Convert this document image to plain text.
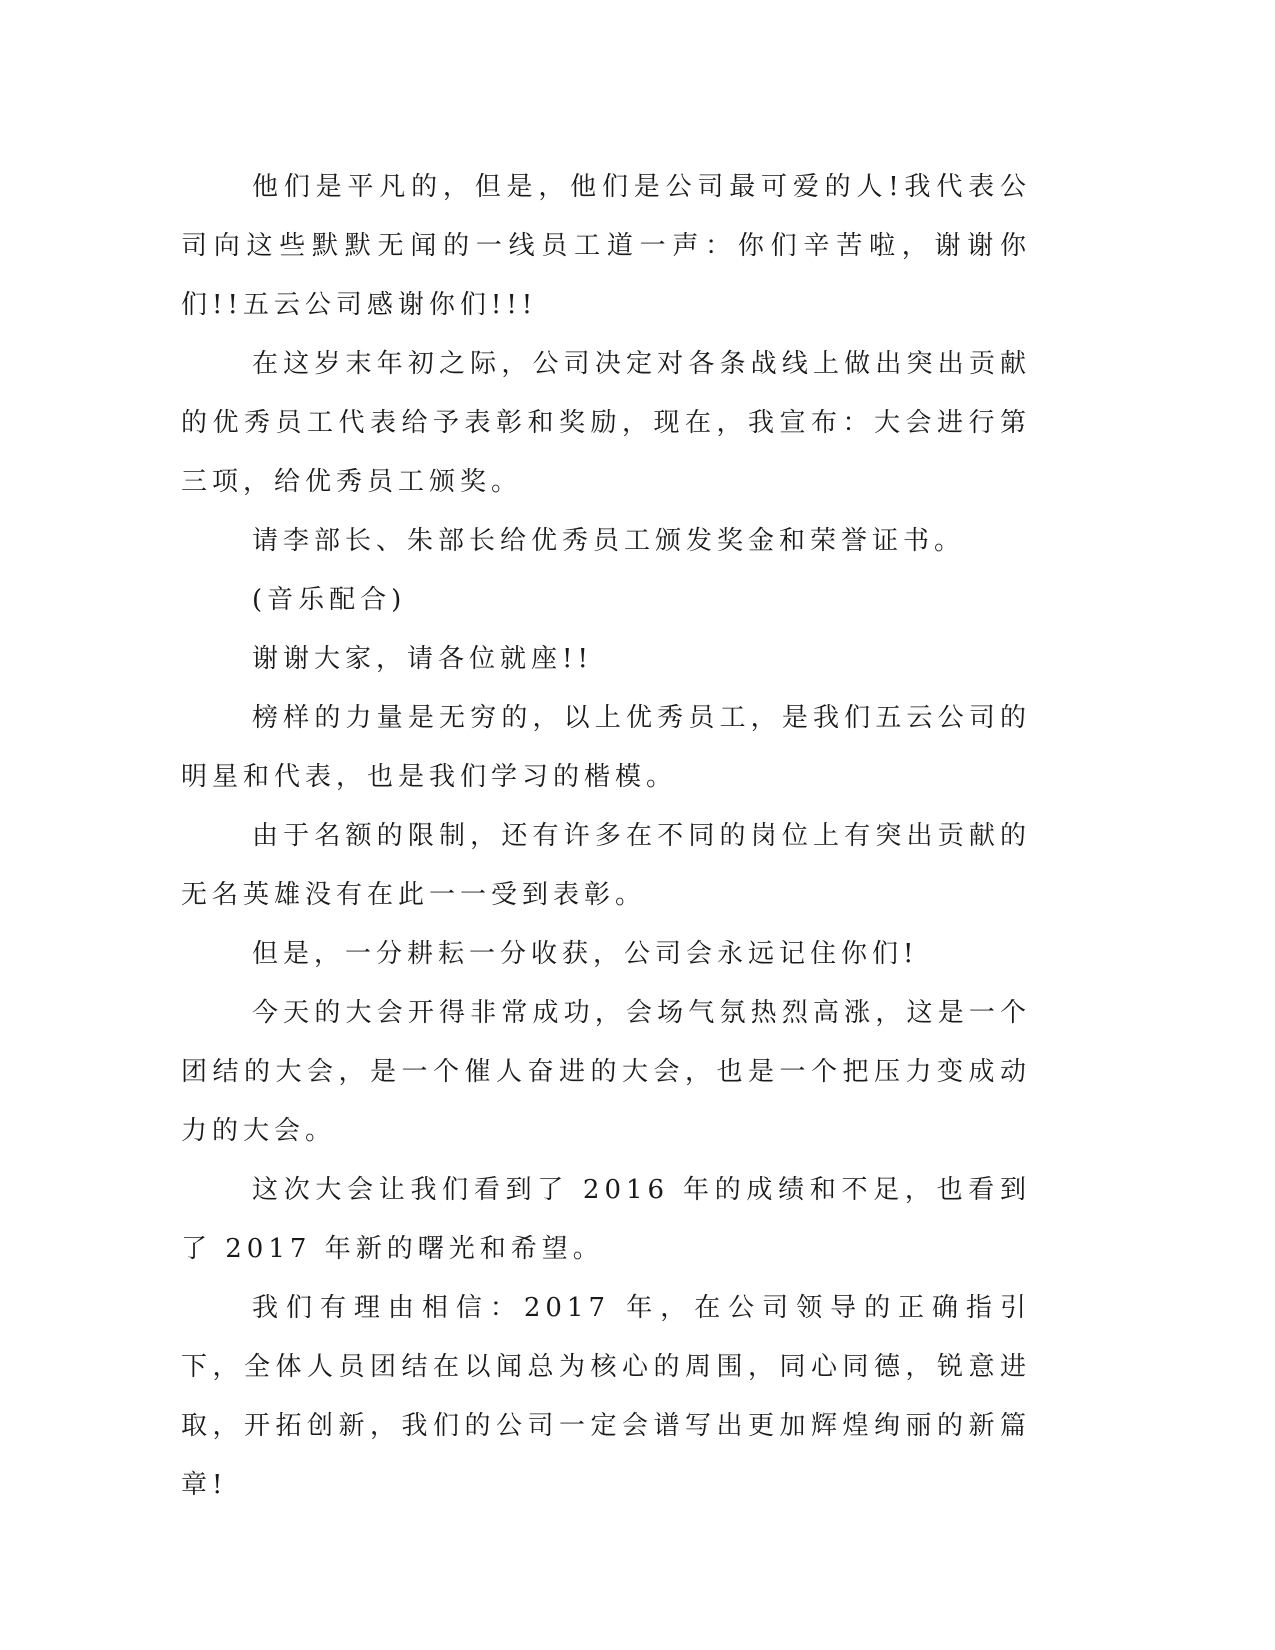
他们是平凡的，但是，他们是公司最可爱的人!我代表公司向这些默默无闻的一线员工道一声：你们辛苦啦，谢谢你们!!五云公司感谢你们!!!

在这岁末年初之际，公司决定对各条战线上做出突出贡献的优秀员工代表给予表彰和奖励，现在，我宣布：大会进行第三项，给优秀员工颁奖。

请李部长、朱部长给优秀员工颁发奖金和荣誉证书。

(音乐配合)

谢谢大家，请各位就座!!

榜样的力量是无穷的，以上优秀员工，是我们五云公司的明星和代表，也是我们学习的楷模。

由于名额的限制，还有许多在不同的岗位上有突出贡献的无名英雄没有在此一一受到表彰。

但是，一分耕耘一分收获，公司会永远记住你们!

今天的大会开得非常成功，会场气氛热烈高涨，这是一个团结的大会，是一个催人奋进的大会，也是一个把压力变成动力的大会。

这次大会让我们看到了 2016 年的成绩和不足，也看到了 2017 年新的曙光和希望。

我们有理由相信：2017 年，在公司领导的正确指引下，全体人员团结在以闻总为核心的周围，同心同德，锐意进取，开拓创新，我们的公司一定会谱写出更加辉煌绚丽的新篇章!
